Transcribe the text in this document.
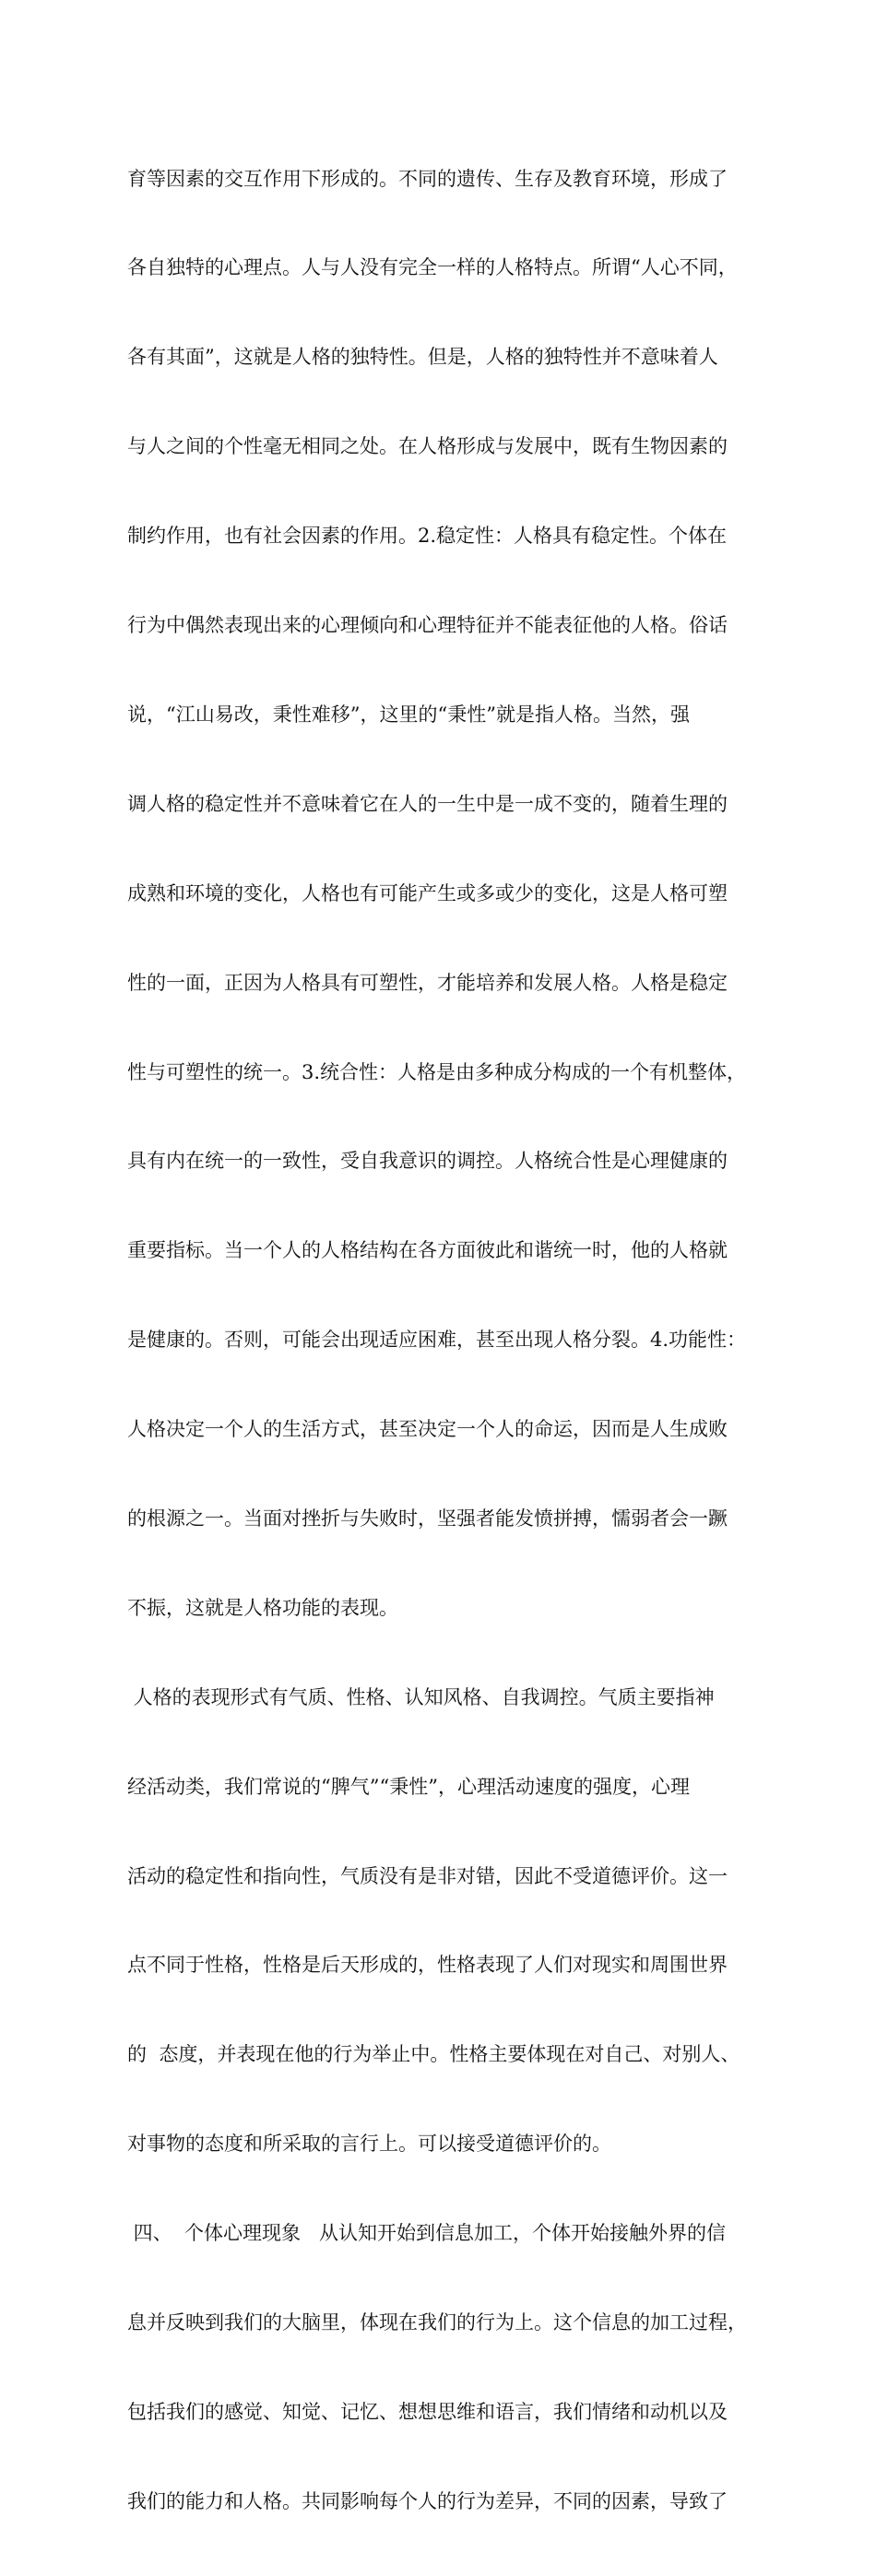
育等因素的交互作用下形成的。不同的遗传、生存及教育环境，形成了

各自独特的心理点。人与人没有完全一样的人格特点。所谓“人心不同，

各有其面”，这就是人格的独特性。但是，人格的独特性并不意味着人

与人之间的个性毫无相同之处。在人格形成与发展中，既有生物因素的

制约作用，也有社会因素的作用。2.稳定性：人格具有稳定性。个体在

行为中偶然表现出来的心理倾向和心理特征并不能表征他的人格。俗话

说，“江山易改，秉性难移”，这里的“秉性”就是指人格。当然，强

调人格的稳定性并不意味着它在人的一生中是一成不变的，随着生理的

成熟和环境的变化，人格也有可能产生或多或少的变化，这是人格可塑

性的一面，正因为人格具有可塑性，才能培养和发展人格。人格是稳定

性与可塑性的统一。3.统合性：人格是由多种成分构成的一个有机整体，

具有内在统一的一致性，受自我意识的调控。人格统合性是心理健康的

重要指标。当一个人的人格结构在各方面彼此和谐统一时，他的人格就

是健康的。否则，可能会出现适应困难，甚至出现人格分裂。4.功能性：

人格决定一个人的生活方式，甚至决定一个人的命运，因而是人生成败

的根源之一。当面对挫折与失败时，坚强者能发愤拼搏，懦弱者会一蹶

不振，这就是人格功能的表现。

人格的表现形式有气质、性格、认知风格、自我调控。气质主要指神

经活动类，我们常说的“脾气”“秉性”，心理活动速度的强度，心理

活动的稳定性和指向性，气质没有是非对错，因此不受道德评价。这一

点不同于性格，性格是后天形成的，性格表现了人们对现实和周围世界

的  态度，并表现在他的行为举止中。性格主要体现在对自己、对别人、

对事物的态度和所采取的言行上。可以接受道德评价的。

四、  个体心理现象   从认知开始到信息加工，个体开始接触外界的信

息并反映到我们的大脑里，体现在我们的行为上。这个信息的加工过程，

包括我们的感觉、知觉、记忆、想想思维和语言，我们情绪和动机以及

我们的能力和人格。共同影响每个人的行为差异，不同的因素，导致了
